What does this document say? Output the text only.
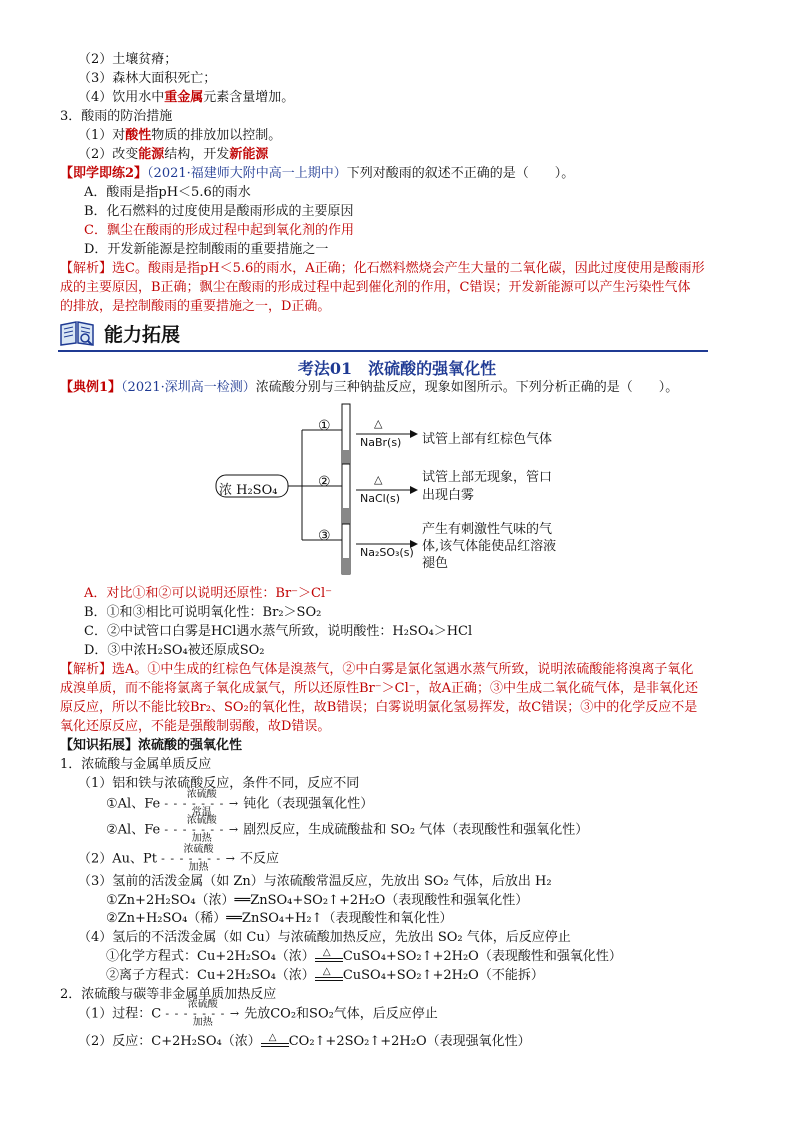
（2）土壤贫瘠；
（3）森林大面积死亡；
（4）饮用水中重金属元素含量增加。
3．酸雨的防治措施
（1）对酸性物质的排放加以控制。
（2）改变能源结构，开发新能源
【即学即练2】（2021·福建师大附中高一上期中）下列对酸雨的叙述不正确的是（　　）。
A．酸雨是指pH＜5.6的雨水
B．化石燃料的过度使用是酸雨形成的主要原因
C．飘尘在酸雨的形成过程中起到氧化剂的作用
D．开发新能源是控制酸雨的重要措施之一
【解析】选C。酸雨是指pH＜5.6的雨水，A正确；化石燃料燃烧会产生大量的二氧化碳，因此过度使用是酸雨形
成的主要原因，B正确；飘尘在酸雨的形成过程中起到催化剂的作用，C错误；开发新能源可以产生污染性气体
的排放，是控制酸雨的重要措施之一，D正确。
能力拓展
考法01　浓硫酸的强氧化性
【典例1】（2021·深圳高一检测）浓硫酸分别与三种钠盐反应，现象如图所示。下列分析正确的是（　　）。
浓 H₂SO₄
①
②
③
△
△
NaBr(s)
NaCl(s)
Na₂SO₃(s)
试管上部有红棕色气体
试管上部无现象，管口
出现白雾
产生有刺激性气味的气
体,该气体能使品红溶液
褪色
A．对比①和②可以说明还原性：Br⁻＞Cl⁻
B．①和③相比可说明氧化性：Br₂＞SO₂
C．②中试管口白雾是HCl遇水蒸气所致，说明酸性：H₂SO₄＞HCl
D．③中浓H₂SO₄被还原成SO₂
【解析】选A。①中生成的红棕色气体是溴蒸气，②中白雾是氯化氢遇水蒸气所致，说明浓硫酸能将溴离子氧化
成溴单质，而不能将氯离子氧化成氯气，所以还原性Br⁻＞Cl⁻，故A正确；③中生成二氧化硫气体，是非氧化还
原反应，所以不能比较Br₂、SO₂的氧化性，故B错误；白雾说明氯化氢易挥发，故C错误；③中的化学反应不是
氧化还原反应，不能是强酸制弱酸，故D错误。
【知识拓展】浓硫酸的强氧化性
1．浓硫酸与金属单质反应
（1）铝和铁与浓硫酸反应，条件不同，反应不同
①Al、Fe
浓硫酸
- - - - - - - →
常温
钝化（表现强氧化性）
②Al、Fe
浓硫酸
- - - - - - - →
加热
剧烈反应，生成硫酸盐和 SO₂ 气体（表现酸性和强氧化性）
（2）Au、Pt
浓硫酸
- - - - - - - →
加热
不反应
（3）氢前的活泼金属（如 Zn）与浓硫酸常温反应，先放出 SO₂ 气体，后放出 H₂
①Zn+2H₂SO₄（浓）══ZnSO₄+SO₂↑+2H₂O（表现酸性和强氧化性）
②Zn+H₂SO₄（稀）══ZnSO₄+H₂↑（表现酸性和氧化性）
（4）氢后的不活泼金属（如 Cu）与浓硫酸加热反应，先放出 SO₂ 气体，后反应停止
①化学方程式：Cu+2H₂SO₄（浓） △ CuSO₄+SO₂↑+2H₂O（表现酸性和强氧化性）
②离子方程式：Cu+2H₂SO₄（浓） △ CuSO₄+SO₂↑+2H₂O（不能拆）
2．浓硫酸与碳等非金属单质加热反应
（1）过程：C
浓硫酸
- - - - - - - →
加热
先放CO₂和SO₂气体，后反应停止
（2）反应：C+2H₂SO₄（浓） △ CO₂↑+2SO₂↑+2H₂O（表现强氧化性）
